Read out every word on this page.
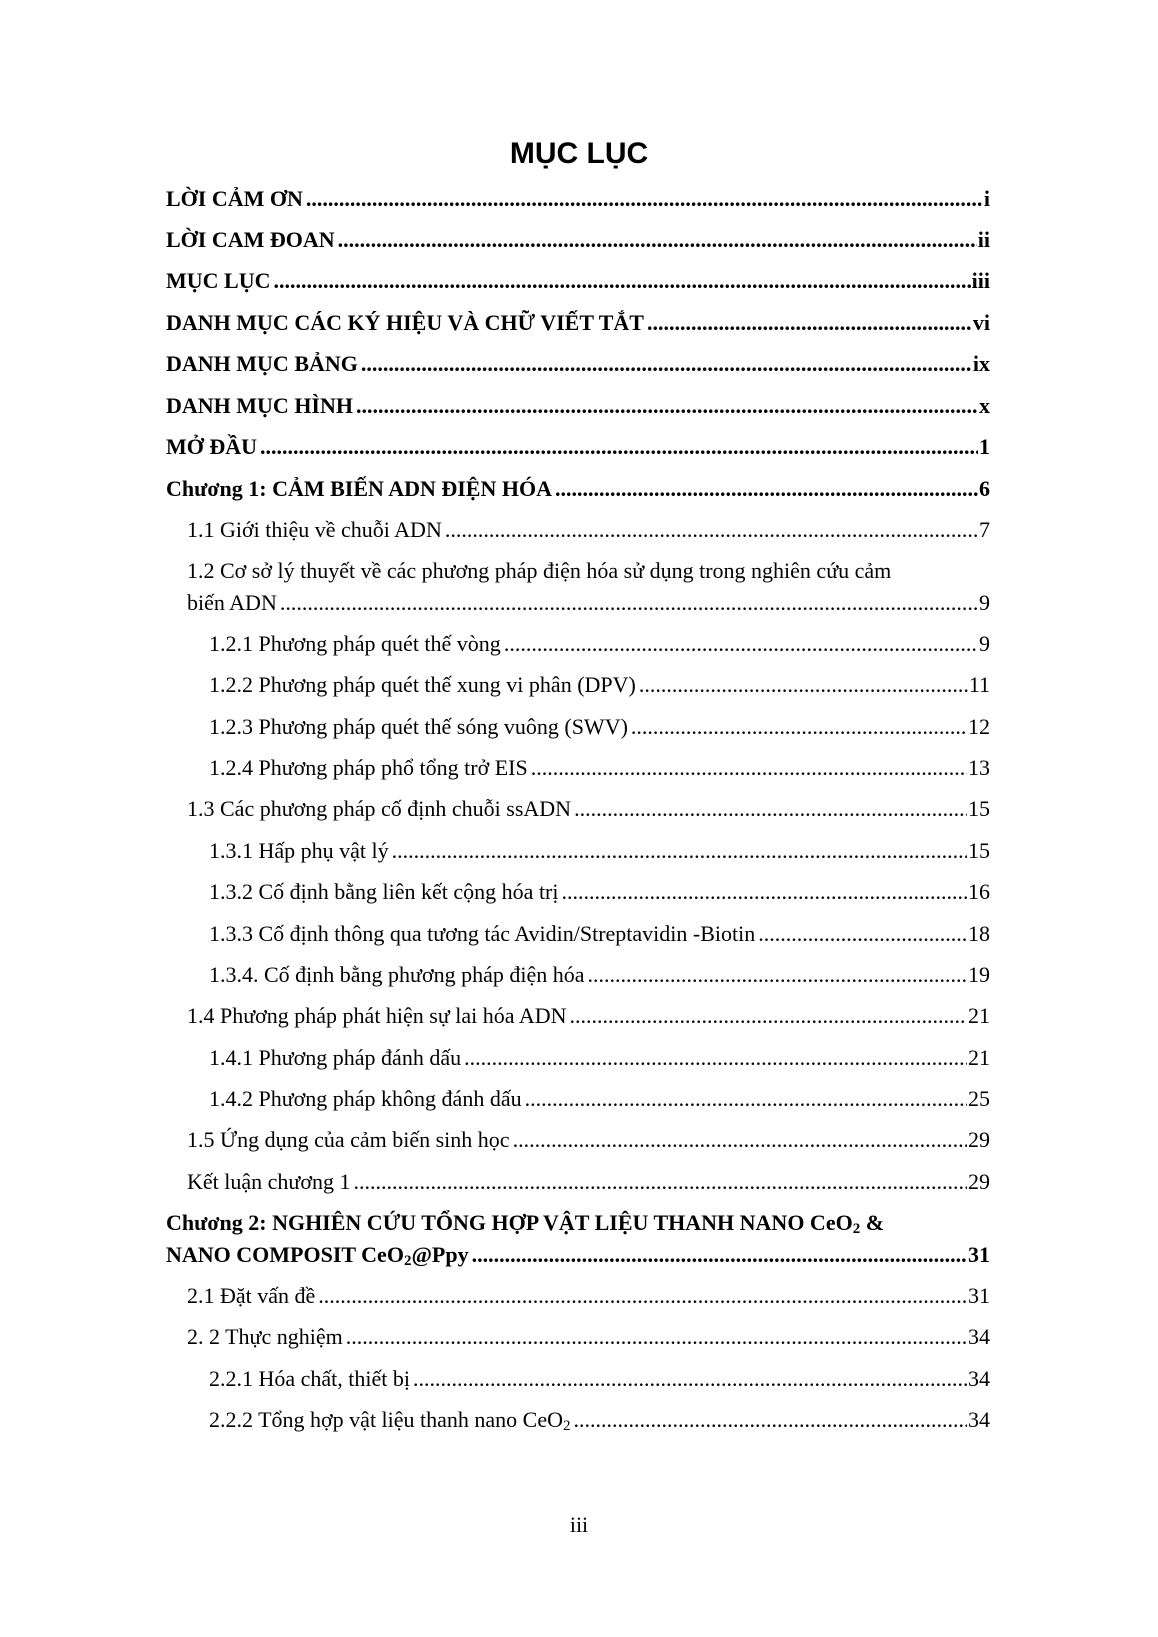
MỤC LỤC
LỜI CẢM ƠN .....	i
LỜI CAM ĐOAN .....	ii
MỤC LỤC .....	iii
DANH MỤC CÁC KÝ HIỆU VÀ CHỮ VIẾT TẮT .....	vi
DANH MỤC BẢNG .....	ix
DANH MỤC HÌNH .....	x
MỞ ĐẦU .....	1
Chương 1: CẢM BIẾN ADN ĐIỆN HÓA .....	6
1.1 Giới thiệu về chuỗi ADN .....	7
1.2 Cơ sở lý thuyết về các phương pháp điện hóa sử dụng trong nghiên cứu cảm
biến ADN .....	9
1.2.1 Phương pháp quét thế vòng .....	9
1.2.2 Phương pháp quét thế xung vi phân (DPV) .....	11
1.2.3 Phương pháp quét thế sóng vuông (SWV) .....	12
1.2.4 Phương pháp phổ tổng trở EIS .....	13
1.3 Các phương pháp cố định chuỗi ssADN .....	15
1.3.1 Hấp phụ vật lý .....	15
1.3.2 Cố định bằng liên kết cộng hóa trị .....	16
1.3.3 Cố định thông qua tương tác Avidin/Streptavidin -Biotin .....	18
1.3.4. Cố định bằng phương pháp điện hóa .....	19
1.4 Phương pháp phát hiện sự lai hóa ADN .....	21
1.4.1 Phương pháp đánh dấu .....	21
1.4.2 Phương pháp không đánh dấu .....	25
1.5 Ứng dụng của cảm biến sinh học .....	29
Kết luận chương 1 .....	29
Chương 2: NGHIÊN CỨU TỔNG HỢP VẬT LIỆU THANH NANO CeO$_2$ &
NANO COMPOSIT CeO$_2$@Ppy .....	31
2.1 Đặt vấn đề .....	31
2. 2 Thực nghiệm .....	34
2.2.1 Hóa chất, thiết bị .....	34
2.2.2 Tổng hợp vật liệu thanh nano CeO$_2$ .....	34
iii
